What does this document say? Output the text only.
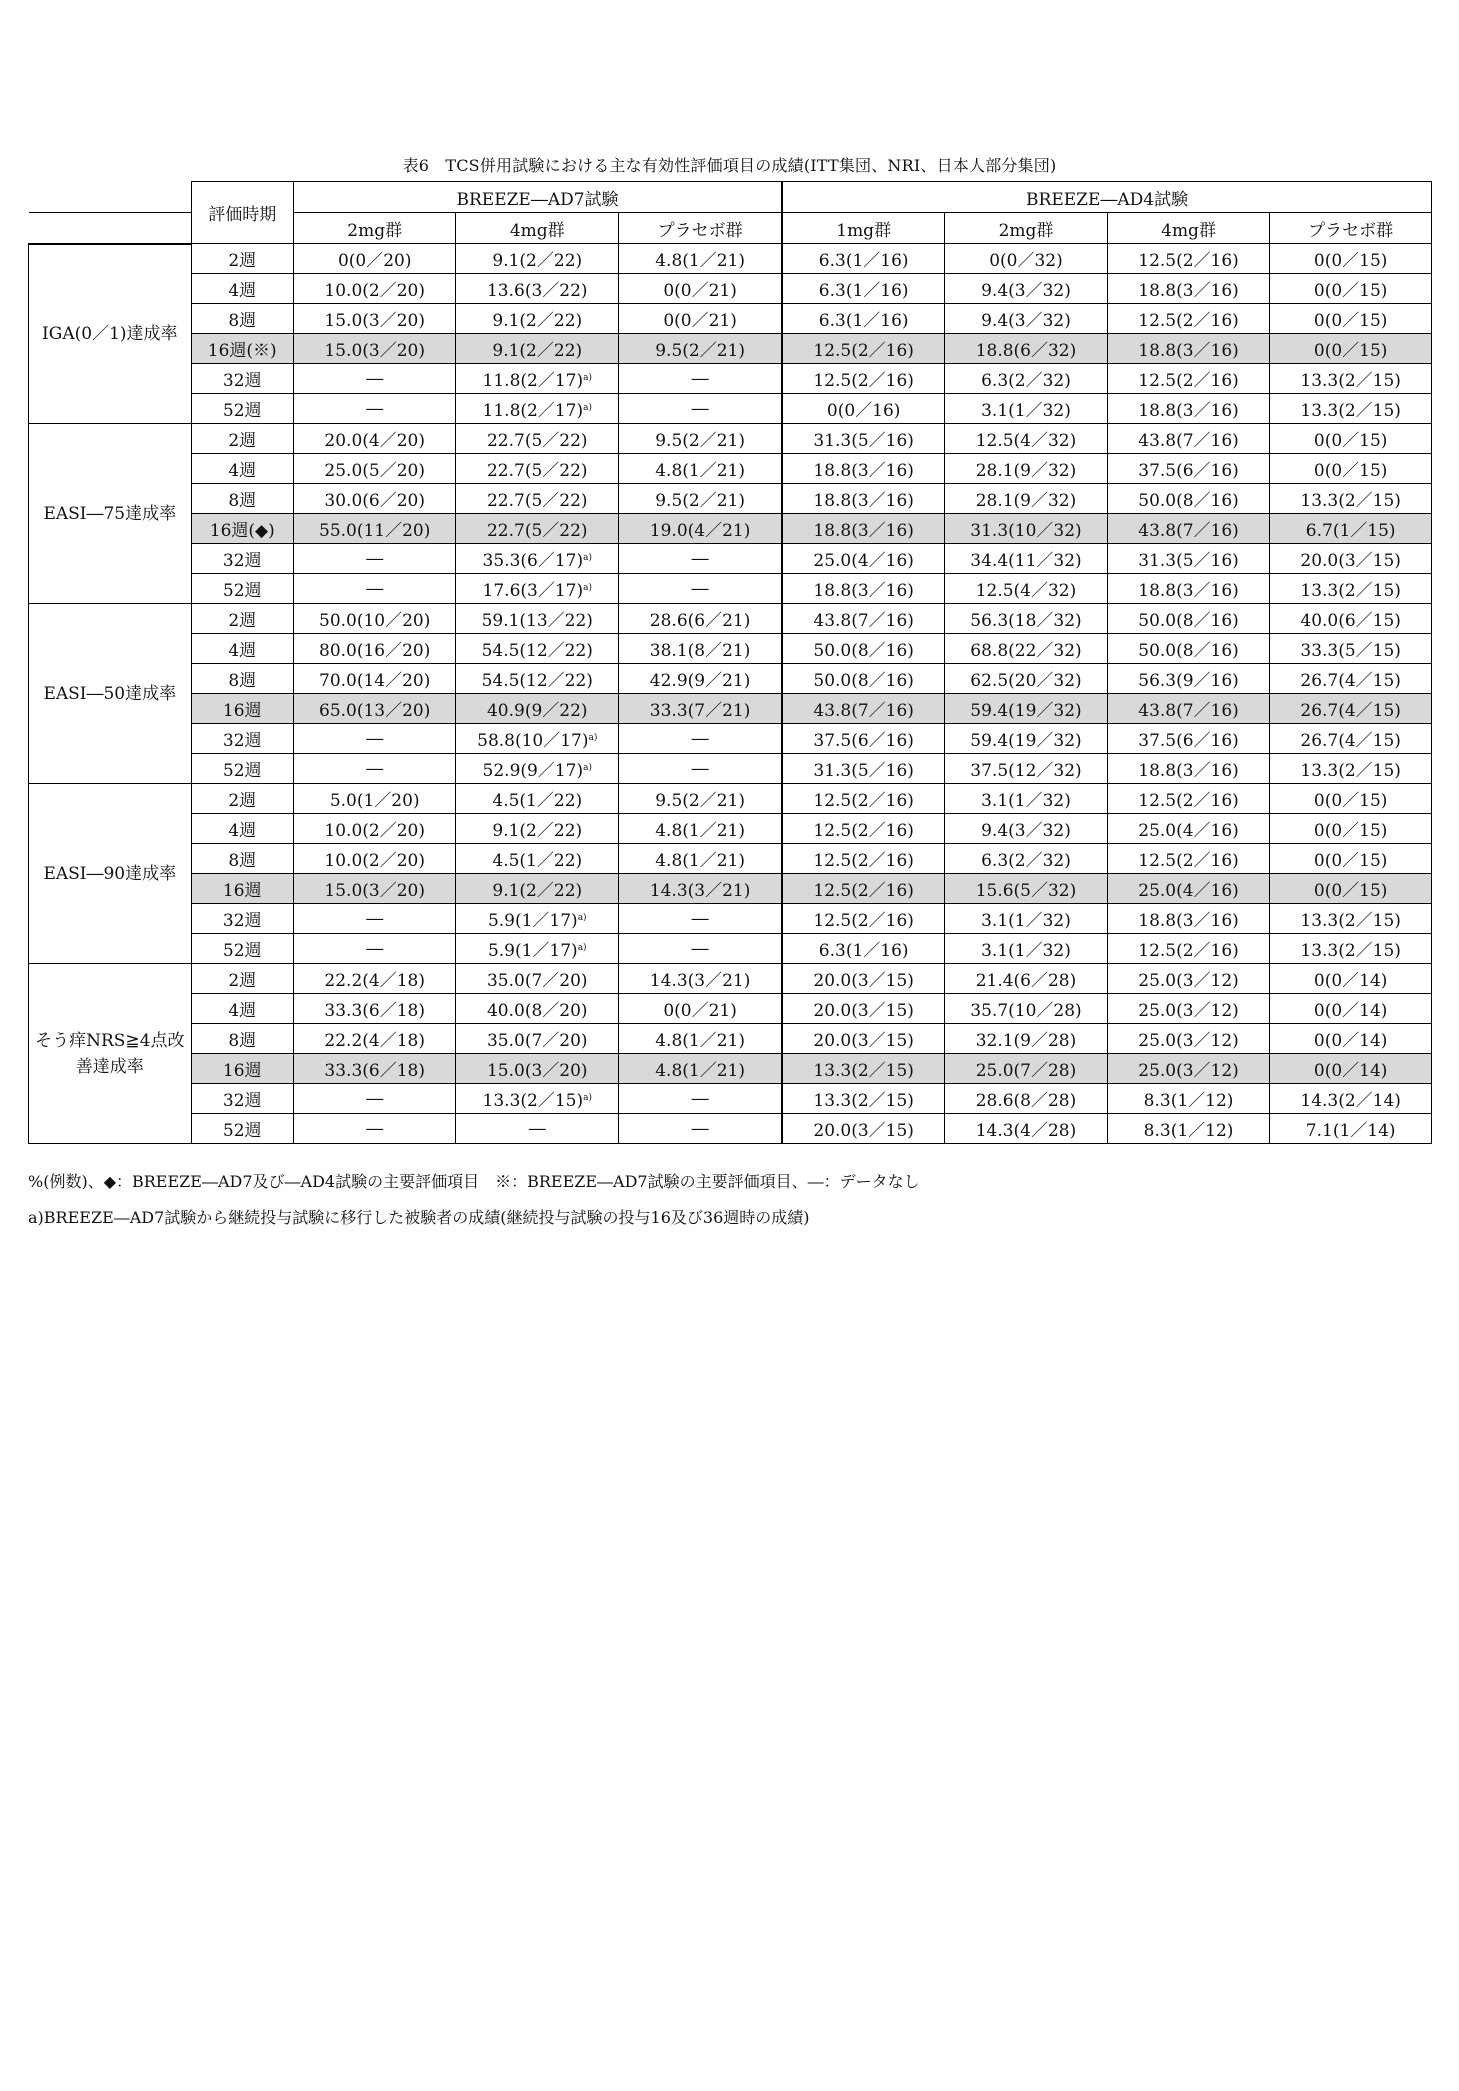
表6　TCS併用試験における主な有効性評価項目の成績(ITT集団、NRI、日本人部分集団)
	評価時期	BREEZE―AD7試験			BREEZE―AD4試験			
		2mg群	4mg群	プラセボ群	1mg群	2mg群	4mg群	プラセボ群
IGA(0／1)達成率	2週	0(0／20)	9.1(2／22)	4.8(1／21)	6.3(1／16)	0(0／32)	12.5(2／16)	0(0／15)
	4週	10.0(2／20)	13.6(3／22)	0(0／21)	6.3(1／16)	9.4(3／32)	18.8(3／16)	0(0／15)
	8週	15.0(3／20)	9.1(2／22)	0(0／21)	6.3(1／16)	9.4(3／32)	12.5(2／16)	0(0／15)
	16週(※)	15.0(3／20)	9.1(2／22)	9.5(2／21)	12.5(2／16)	18.8(6／32)	18.8(3／16)	0(0／15)
	32週	―	11.8(2／17)$^{a)}$	―	12.5(2／16)	6.3(2／32)	12.5(2／16)	13.3(2／15)
	52週	―	11.8(2／17)$^{a)}$	―	0(0／16)	3.1(1／32)	18.8(3／16)	13.3(2／15)
EASI―75達成率	2週	20.0(4／20)	22.7(5／22)	9.5(2／21)	31.3(5／16)	12.5(4／32)	43.8(7／16)	0(0／15)
	4週	25.0(5／20)	22.7(5／22)	4.8(1／21)	18.8(3／16)	28.1(9／32)	37.5(6／16)	0(0／15)
	8週	30.0(6／20)	22.7(5／22)	9.5(2／21)	18.8(3／16)	28.1(9／32)	50.0(8／16)	13.3(2／15)
	16週(◆)	55.0(11／20)	22.7(5／22)	19.0(4／21)	18.8(3／16)	31.3(10／32)	43.8(7／16)	6.7(1／15)
	32週	―	35.3(6／17)$^{a)}$	―	25.0(4／16)	34.4(11／32)	31.3(5／16)	20.0(3／15)
	52週	―	17.6(3／17)$^{a)}$	―	18.8(3／16)	12.5(4／32)	18.8(3／16)	13.3(2／15)
EASI―50達成率	2週	50.0(10／20)	59.1(13／22)	28.6(6／21)	43.8(7／16)	56.3(18／32)	50.0(8／16)	40.0(6／15)
	4週	80.0(16／20)	54.5(12／22)	38.1(8／21)	50.0(8／16)	68.8(22／32)	50.0(8／16)	33.3(5／15)
	8週	70.0(14／20)	54.5(12／22)	42.9(9／21)	50.0(8／16)	62.5(20／32)	56.3(9／16)	26.7(4／15)
	16週	65.0(13／20)	40.9(9／22)	33.3(7／21)	43.8(7／16)	59.4(19／32)	43.8(7／16)	26.7(4／15)
	32週	―	58.8(10／17)$^{a)}$	―	37.5(6／16)	59.4(19／32)	37.5(6／16)	26.7(4／15)
	52週	―	52.9(9／17)$^{a)}$	―	31.3(5／16)	37.5(12／32)	18.8(3／16)	13.3(2／15)
EASI―90達成率	2週	5.0(1／20)	4.5(1／22)	9.5(2／21)	12.5(2／16)	3.1(1／32)	12.5(2／16)	0(0／15)
	4週	10.0(2／20)	9.1(2／22)	4.8(1／21)	12.5(2／16)	9.4(3／32)	25.0(4／16)	0(0／15)
	8週	10.0(2／20)	4.5(1／22)	4.8(1／21)	12.5(2／16)	6.3(2／32)	12.5(2／16)	0(0／15)
	16週	15.0(3／20)	9.1(2／22)	14.3(3／21)	12.5(2／16)	15.6(5／32)	25.0(4／16)	0(0／15)
	32週	―	5.9(1／17)$^{a)}$	―	12.5(2／16)	3.1(1／32)	18.8(3／16)	13.3(2／15)
	52週	―	5.9(1／17)$^{a)}$	―	6.3(1／16)	3.1(1／32)	12.5(2／16)	13.3(2／15)
そう痒NRS≧4点改善達成率	2週	22.2(4／18)	35.0(7／20)	14.3(3／21)	20.0(3／15)	21.4(6／28)	25.0(3／12)	0(0／14)
	4週	33.3(6／18)	40.0(8／20)	0(0／21)	20.0(3／15)	35.7(10／28)	25.0(3／12)	0(0／14)
	8週	22.2(4／18)	35.0(7／20)	4.8(1／21)	20.0(3／15)	32.1(9／28)	25.0(3／12)	0(0／14)
	16週	33.3(6／18)	15.0(3／20)	4.8(1／21)	13.3(2／15)	25.0(7／28)	25.0(3／12)	0(0／14)
	32週	―	13.3(2／15)$^{a)}$	―	13.3(2／15)	28.6(8／28)	8.3(1／12)	14.3(2／14)
	52週	―	―	―	20.0(3／15)	14.3(4／28)	8.3(1／12)	7.1(1／14)
%(例数)、◆：BREEZE―AD7及び―AD4試験の主要評価項目　※：BREEZE―AD7試験の主要評価項目、―：データなし
a)BREEZE―AD7試験から継続投与試験に移行した被験者の成績(継続投与試験の投与16及び36週時の成績)
